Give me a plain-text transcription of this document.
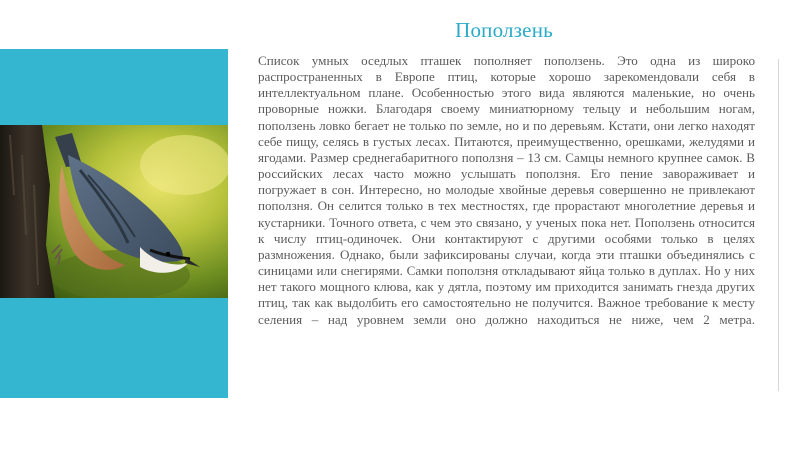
Поползень

Список умных оседлых пташек пополняет поползень. Это одна из широко распространенных в Европе птиц, которые хорошо зарекомендовали себя в интеллектуальном плане. Особенностью этого вида являются маленькие, но очень проворные ножки. Благодаря своему миниатюрному тельцу и небольшим ногам, поползень ловко бегает не только по земле, но и по деревьям. Кстати, они легко находят себе пищу, селясь в густых лесах. Питаются, преимущественно, орешками, желудями и ягодами. Размер среднегабаритного поползня – 13 см. Самцы немного крупнее самок. В российских лесах часто можно услышать поползня. Его пение завораживает и погружает в сон. Интересно, но молодые хвойные деревья совершенно не привлекают поползня. Он селится только в тех местностях, где прорастают многолетние деревья и кустарники. Точного ответа, с чем это связано, у ученых пока нет. Поползень относится к числу птиц-одиночек. Они контактируют с другими особями только в целях размножения. Однако, были зафиксированы случаи, когда эти пташки объединялись с синицами или снегирями. Самки поползня откладывают яйца только в дуплах. Но у них нет такого мощного клюва, как у дятла, поэтому им приходится занимать гнезда других птиц, так как выдолбить его самостоятельно не получится. Важное требование к месту селения – над уровнем земли оно должно находиться не ниже, чем 2 метра.
